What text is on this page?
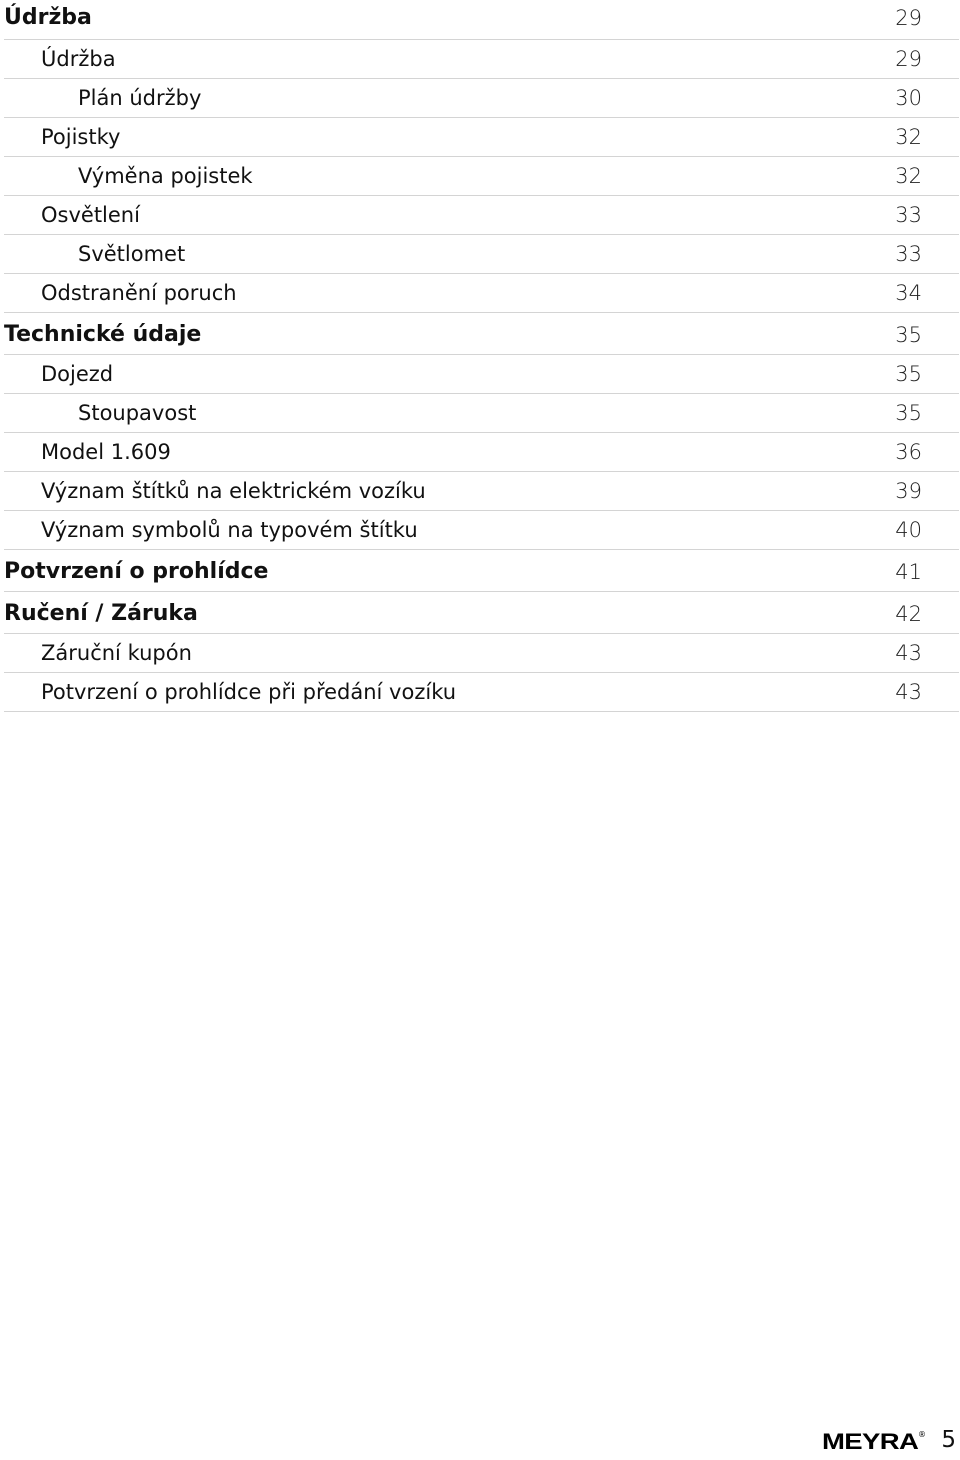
Údržba	29
Údržba	29
Plán údržby	30
Pojistky	32
Výměna pojistek	32
Osvětlení	33
Světlomet	33
Odstranění poruch	34
Technické údaje	35
Dojezd	35
Stoupavost	35
Model 1.609	36
Význam štítků na elektrickém vozíku	39
Význam symbolů na typovém štítku	40
Potvrzení o prohlídce	41
Ručení / Záruka	42
Záruční kupón	43
Potvrzení o prohlídce při předání vozíku	43
MEYRA ® 5
